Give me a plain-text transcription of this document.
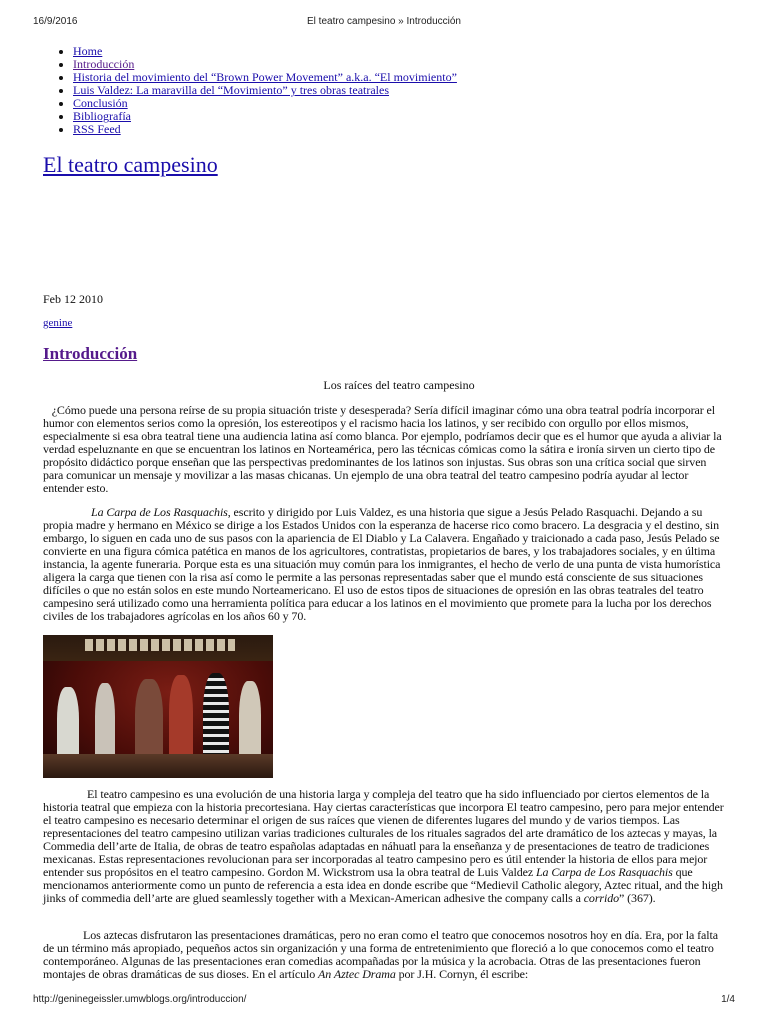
16/9/2016	El teatro campesino » Introducción
• Home
• Introducción
• Historia del movimiento del “Brown Power Movement” a.k.a. “El movimiento”
• Luis Valdez: La maravilla del “Movimiento” y tres obras teatrales
• Conclusión
• Bibliografía
• RSS Feed
El teatro campesino
Feb 12 2010
genine
Introducción
Los raíces del teatro campesino

¿Cómo puede una persona reírse de su propia situación triste y desesperada? Sería difícil imaginar cómo una obra teatral podría incorporar el humor con elementos serios como la opresión, los estereotipos y el racismo hacia los latinos, y ser recibido con orgullo por ellos mismos, especialmente si esa obra teatral tiene una audiencia latina así como blanca. Por ejemplo, podríamos decir que es el humor que ayuda a aliviar la verdad espeluznante en que se encuentran los latinos en Norteamérica, pero las técnicas cómicas como la sátira e ironía sirven un cierto tipo de  propósito didáctico porque enseñan que las perspectivas predominantes de los latinos son injustas. Sus obras son una crítica social que sirven para comunicar un mensaje y movilizar a las masas chicanas. Un ejemplo de una obra teatral del teatro campesino podría ayudar al lector entender esto.

La Carpa de Los Rasquachis, escrito y dirigido por Luis Valdez, es una historia que sigue a Jesús Pelado Rasquachi. Dejando a su propia madre y hermano en México se dirige a los Estados Unidos con la esperanza de hacerse rico como bracero. La desgracia y el destino, sin embargo, lo siguen en cada uno de sus pasos con la apariencia de El Diablo y La Calavera. Engañado y traicionado a cada paso, Jesús Pelado se convierte en una figura cómica patética en manos de los agricultores, contratistas, propietarios de bares, y los trabajadores sociales, y en última instancia, la agente funeraria. Porque esta es una situación muy común para los inmigrantes, el hecho de verlo de una punta de vista humorística aligera la carga que tienen con la risa así como le permite a las personas representadas saber que el mundo está consciente de sus situaciones difíciles o que no están solos en este mundo Norteamericano. El uso de estos tipos de situaciones de opresión en las obras teatrales del teatro campesino será utilizado como una herramienta política para educar a los latinos en el movimiento que promete para la lucha por los derechos civiles de los trabajadores agrícolas en los años 60 y 70.

El teatro campesino es una evolución de una historia larga y compleja del teatro que ha sido influenciado por ciertos elementos de la historia teatral que empieza con la historia precortesiana. Hay ciertas características que incorpora El teatro campesino, pero para mejor entender el teatro campesino es necesario determinar el origen de sus raíces que vienen de diferentes lugares del mundo y de varios tiempos. Las representaciones del teatro campesino utilizan varias tradiciones culturales de los rituales sagrados del arte dramático de los aztecas y mayas, la Commedia dell’arte de Italia, de obras de teatro españolas adaptadas en náhuatl para la enseñanza y de presentaciones de teatro de tradiciones mexicanas. Estas representaciones revolucionan para ser incorporadas al teatro campesino pero es útil entender la historia de ellos para mejor entender sus propósitos en el teatro campesino. Gordon M. Wickstrom usa la obra teatral de Luis Valdez La Carpa de Los Rasquachis que mencionamos anteriormente como un punto de referencia a esta idea en donde escribe que “Medievil Catholic alegory, Aztec ritual, and the high jinks of commedia dell’arte are glued seamlessly together with a Mexican-American adhesive the company calls a corrido” (367).

Los aztecas disfrutaron las presentaciones dramáticas, pero no eran como el teatro que conocemos nosotros hoy en día. Era, por la falta de un término más apropiado, pequeños actos sin organización y una forma de entretenimiento que floreció a lo que conocemos como el teatro contemporáneo. Algunas de las presentaciones eran comedias acompañadas por la música y la acrobacia. Otras de las presentaciones fueron montajes de obras dramáticas de sus dioses. En el artículo An Aztec Drama por J.H. Cornyn, él escribe:

http://geninegeissler.umwblogs.org/introduccion/	1/4
